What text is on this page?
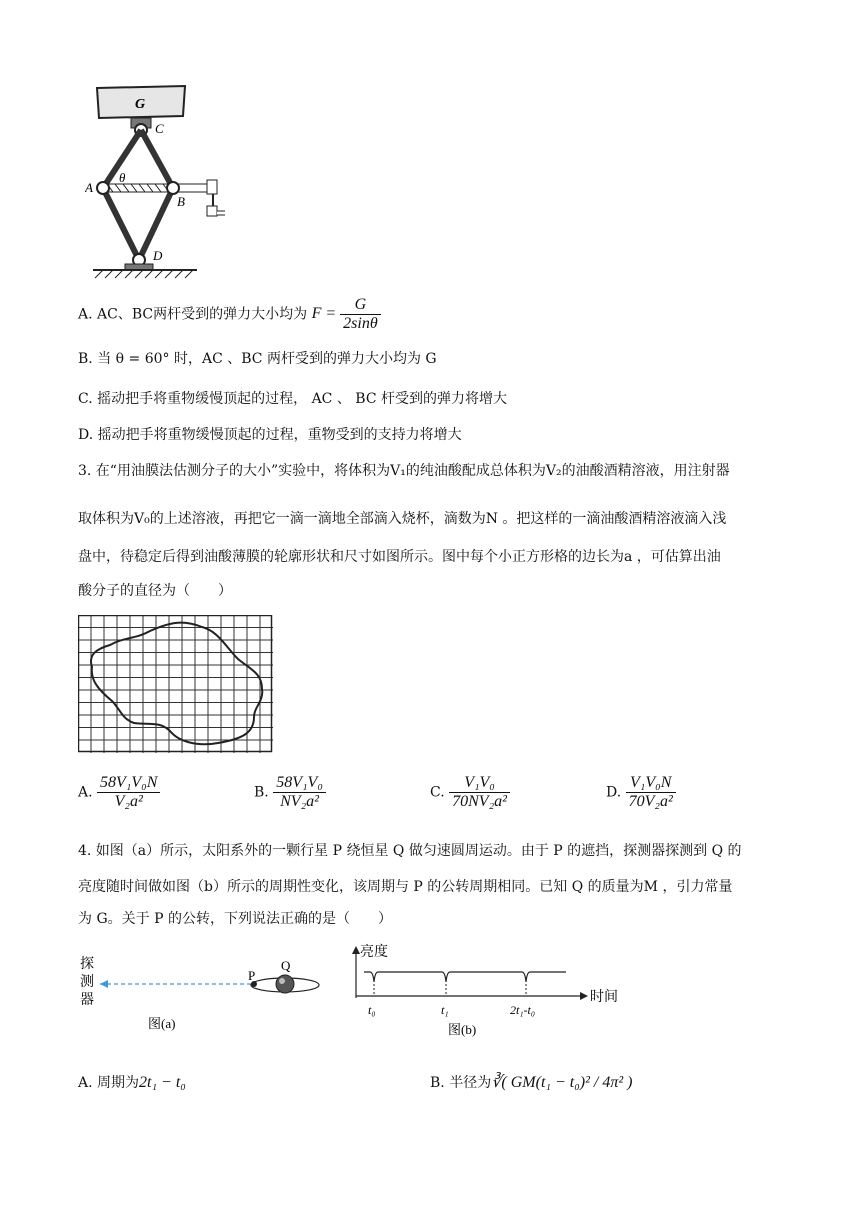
G
C
A
θ
B
D
A. AC、BC两杆受到的弹力大小均为 $F = \frac{G}{2\sin\theta}$
B. 当 θ = 60° 时，AC 、BC 两杆受到的弹力大小均为 G
C. 摇动把手将重物缓慢顶起的过程， AC 、 BC 杆受到的弹力将增大
D. 摇动把手将重物缓慢顶起的过程，重物受到的支持力将增大
3. 在“用油膜法估测分子的大小”实验中，将体积为V₁的纯油酸配成总体积为V₂的油酸酒精溶液，用注射器
取体积为V₀的上述溶液，再把它一滴一滴地全部滴入烧杯，滴数为N 。把这样的一滴油酸酒精溶液滴入浅
盘中，待稳定后得到油酸薄膜的轮廓形状和尺寸如图所示。图中每个小正方形格的边长为a ，可估算出油
酸分子的直径为（　　）
A. $\frac{\text{58V₁V₀N}}{\text{V₂a²}}$	B. $\frac{\text{58V₁V₀}}{\text{NV₂a²}}$	C. $\frac{\text{V₁V₀}}{\text{70NV₂a²}}$	D. $\frac{\text{V₁V₀N}}{\text{70V₂a²}}$
4. 如图（a）所示，太阳系外的一颗行星 P 绕恒星 Q 做匀速圆周运动。由于 P 的遮挡，探测器探测到 Q 的
亮度随时间做如图（b）所示的周期性变化，该周期与 P 的公转周期相同。已知 Q 的质量为M ，引力常量
为 G。关于 P 的公转，下列说法正确的是（　　）
探
测
器
P
Q
图(a)
亮度
时间
t₀	t₁	2t₁-t₀
图(b)
A. 周期为2t₁ − t₀	B. 半径为∛( GM(t₁ − t₀)² / 4π² )
